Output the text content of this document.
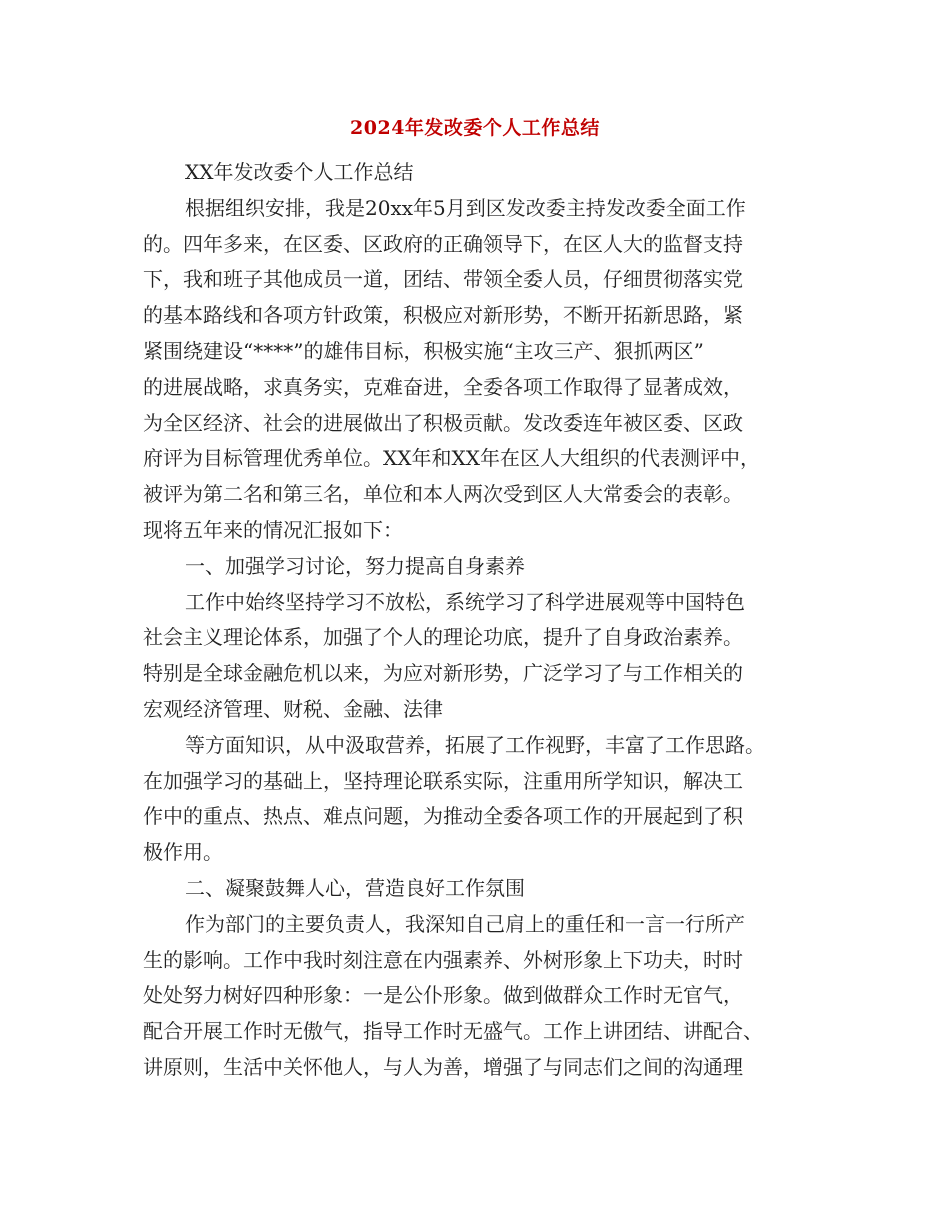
2024年发改委个人工作总结
XX年发改委个人工作总结
根据组织安排，我是20xx年5月到区发改委主持发改委全面工作
的。四年多来，在区委、区政府的正确领导下，在区人大的监督支持
下，我和班子其他成员一道，团结、带领全委人员，仔细贯彻落实党
的基本路线和各项方针政策，积极应对新形势，不断开拓新思路，紧
紧围绕建设“****”的雄伟目标，积极实施“主攻三产、狠抓两区”
的进展战略，求真务实，克难奋进，全委各项工作取得了显著成效，
为全区经济、社会的进展做出了积极贡献。发改委连年被区委、区政
府评为目标管理优秀单位。XX年和XX年在区人大组织的代表测评中，
被评为第二名和第三名，单位和本人两次受到区人大常委会的表彰。
现将五年来的情况汇报如下：
一、加强学习讨论，努力提高自身素养
工作中始终坚持学习不放松，系统学习了科学进展观等中国特色
社会主义理论体系，加强了个人的理论功底，提升了自身政治素养。
特别是全球金融危机以来，为应对新形势，广泛学习了与工作相关的
宏观经济管理、财税、金融、法律
等方面知识，从中汲取营养，拓展了工作视野，丰富了工作思路。
在加强学习的基础上，坚持理论联系实际，注重用所学知识，解决工
作中的重点、热点、难点问题，为推动全委各项工作的开展起到了积
极作用。
二、凝聚鼓舞人心，营造良好工作氛围
作为部门的主要负责人，我深知自己肩上的重任和一言一行所产
生的影响。工作中我时刻注意在内强素养、外树形象上下功夫，时时
处处努力树好四种形象：一是公仆形象。做到做群众工作时无官气，
配合开展工作时无傲气，指导工作时无盛气。工作上讲团结、讲配合、
讲原则，生活中关怀他人，与人为善，增强了与同志们之间的沟通理
